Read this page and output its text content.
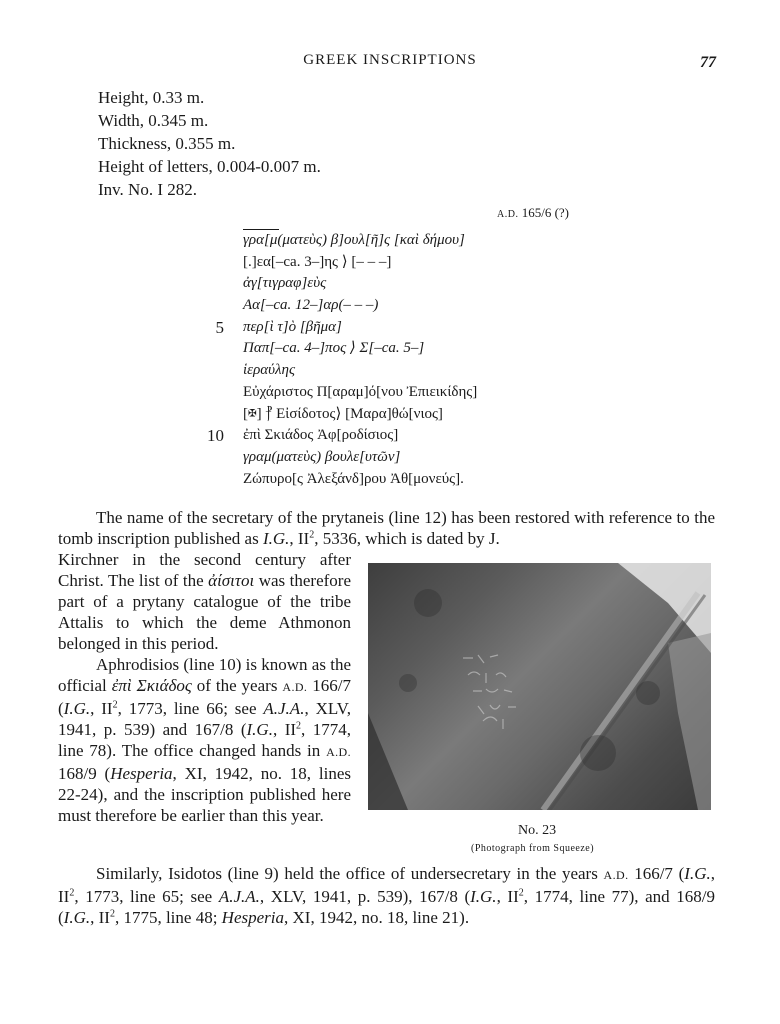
GREEK INSCRIPTIONS	77
Height, 0.33 m.
Width, 0.345 m.
Thickness, 0.355 m.
Height of letters, 0.004-0.007 m.
Inv. No. I 282.
A.D. 165/6 (?)
γρα[μ(ματεὺς) β]ουλ[ῆ]ς [καὶ δήμου]
[.]εα[–ca. 3–]ης ⟩ [– – –]
ἀγ[τιγραφ]εὺς
Αα[–ca. 12–]αρ(– – –)
5 περ[ὶ τ]ὸ [βῆμα]
Παπ[–ca. 4–]πος ⟩ Σ[–ca. 5–]
ἱεραύλης
Εὐχάριστος Π[αραμ]ό[νου Ἐπιεικίδης]
[✠] ⳨ Εἰσίδοτος⟩ [Μαρα]θώ[νιος]
10 ἐπὶ Σκιάδος Ἀφ[ροδίσιος]
γραμ(ματεὺς) βουλε[υτῶν]
Ζώπυρο[ς Ἀλεξάνδ]ρου Ἀθ[μονεύς].
The name of the secretary of the prytaneis (line 12) has been restored with reference to the tomb inscription published as I.G., $II^2$, 5336, which is dated by J.

Kirchner in the second century after Christ. The list of the ἀίσιτοι was therefore part of a prytany catalogue of the tribe Attalis to which the deme Athmonon belonged in this period.

Aphrodisios (line 10) is known as the official ἐπὶ Σκιάδος of the years A.D. 166/7 (I.G., $II^2$, 1773, line 66; see A.J.A., XLV, 1941, p. 539) and 167/8 (I.G., $II^2$, 1774, line 78). The office changed hands in A.D. 168/9 (Hesperia, XI, 1942, no. 18, lines 22-24), and the inscription published here must therefore be earlier than this year.

No. 23
(Photograph from Squeeze)
Similarly, Isidotos (line 9) held the office of undersecretary in the years A.D. 166/7 (I.G., $II^2$, 1773, line 65; see A.J.A., XLV, 1941, p. 539), 167/8 (I.G., $II^2$, 1774, line 77), and 168/9 (I.G., $II^2$, 1775, line 48; Hesperia, XI, 1942, no. 18, line 21).
